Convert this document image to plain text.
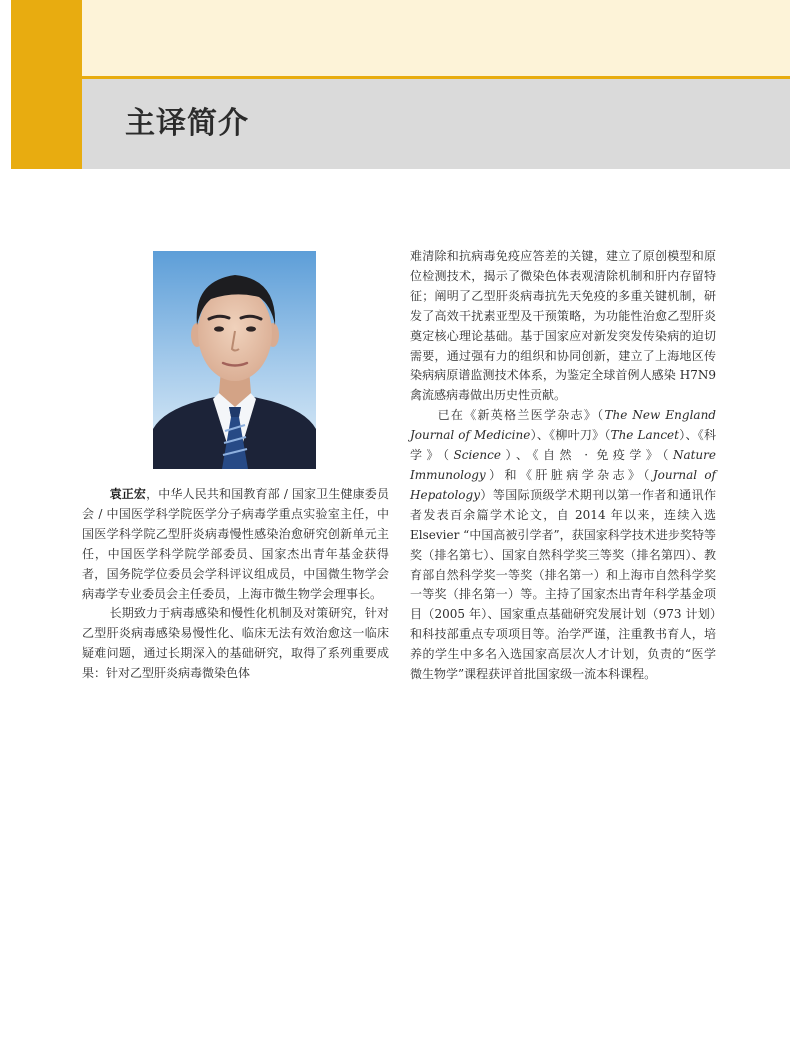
主译简介

袁正宏，中华人民共和国教育部 / 国家卫生健康委员会 / 中国医学科学院医学分子病毒学重点实验室主任，中国医学科学院乙型肝炎病毒慢性感染治愈研究创新单元主任，中国医学科学院学部委员、国家杰出青年基金获得者，国务院学位委员会学科评议组成员，中国微生物学会病毒学专业委员会主任委员，上海市微生物学会理事长。

长期致力于病毒感染和慢性化机制及对策研究，针对乙型肝炎病毒感染易慢性化、临床无法有效治愈这一临床疑难问题，通过长期深入的基础研究，取得了系列重要成果：针对乙型肝炎病毒微染色体

难清除和抗病毒免疫应答差的关键，建立了原创模型和原位检测技术，揭示了微染色体表观清除机制和肝内存留特征；阐明了乙型肝炎病毒抗先天免疫的多重关键机制，研发了高效干扰素亚型及干预策略，为功能性治愈乙型肝炎奠定核心理论基础。基于国家应对新发突发传染病的迫切需要，通过强有力的组织和协同创新，建立了上海地区传染病病原谱监测技术体系，为鉴定全球首例人感染 H7N9 禽流感病毒做出历史性贡献。

已在《新英格兰医学杂志》（The New England Journal of Medicine）、《柳叶刀》（The Lancet）、《科学》（Science）、《自然 · 免疫学》（Nature Immunology）和《肝脏病学杂志》（Journal of Hepatology）等国际顶级学术期刊以第一作者和通讯作者发表百余篇学术论文，自 2014 年以来，连续入选 Elsevier “中国高被引学者”，获国家科学技术进步奖特等奖（排名第七）、国家自然科学奖三等奖（排名第四）、教育部自然科学奖一等奖（排名第一）和上海市自然科学奖一等奖（排名第一）等。主持了国家杰出青年科学基金项目（2005 年）、国家重点基础研究发展计划（973 计划）和科技部重点专项项目等。治学严谨，注重教书育人，培养的学生中多名入选国家高层次人才计划，负责的“医学微生物学”课程获评首批国家级一流本科课程。
